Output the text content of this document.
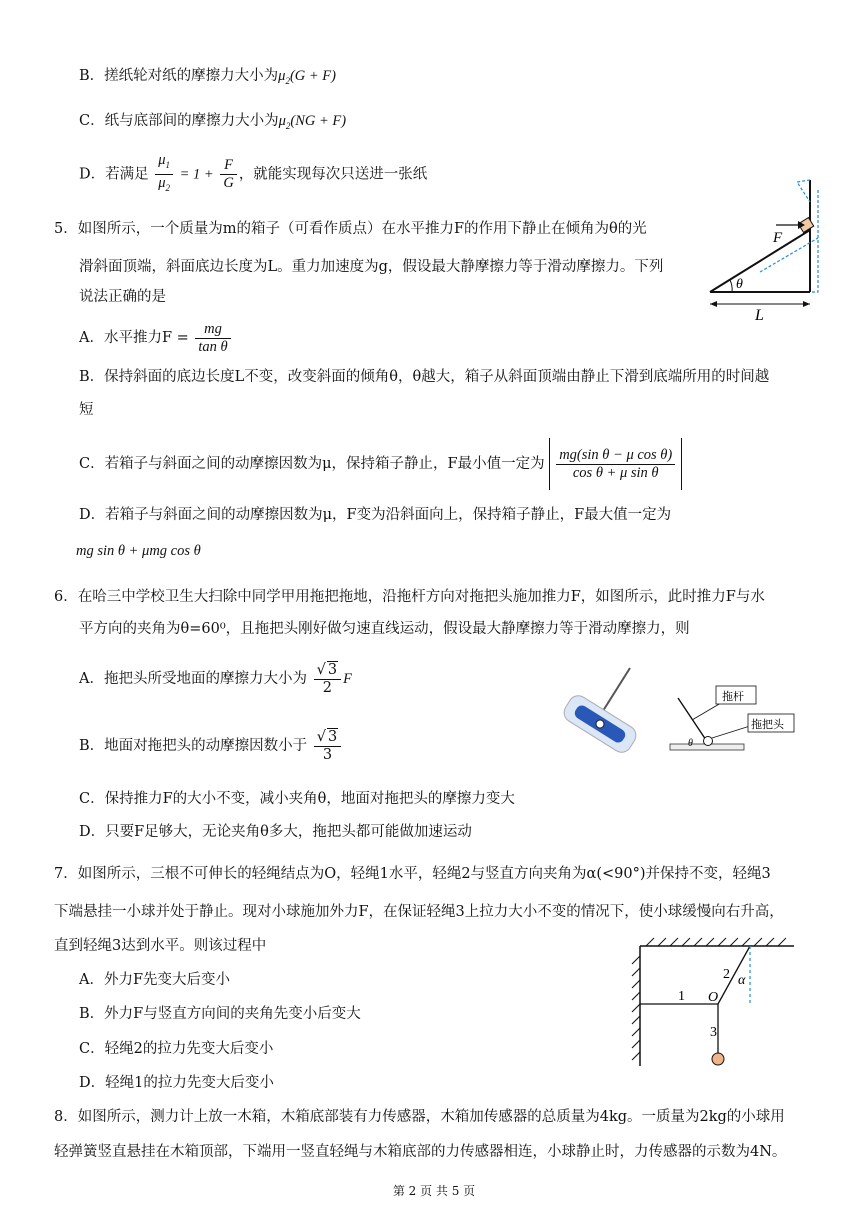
B．搓纸轮对纸的摩擦力大小为$\mu_2(G + F)$
C．纸与底部间的摩擦力大小为$\mu_2(NG + F)$
D．若满足 $\frac{\mu_1}{\mu_2} = 1 + \frac{F}{G}$ ，就能实现每次只送进一张纸
5．如图所示，一个质量为m的箱子（可看作质点）在水平推力F的作用下静止在倾角为θ的光
滑斜面顶端，斜面底边长度为L。重力加速度为g，假设最大静摩擦力等于滑动摩擦力。下列
说法正确的是
A．水平推力$F = \frac{mg}{\text{tan θ}}$
B．保持斜面的底边长度L不变，改变斜面的倾角θ，θ越大，箱子从斜面顶端由静止下滑到底端所用的时间越
短
C．若箱子与斜面之间的动摩擦因数为μ，保持箱子静止，F最小值一定为 $\frac{\text{mg(sin θ − μ cos θ)}}{\text{cos θ + μ sin θ}}$
D．若箱子与斜面之间的动摩擦因数为μ，F变为沿斜面向上，保持箱子静止，F最大值一定为
mg sin θ + μmg cos θ
F
θ
L
6．在哈三中学校卫生大扫除中同学甲用拖把拖地，沿拖杆方向对拖把头施加推力F，如图所示，此时推力F与水
平方向的夹角为θ=60⁰，且拖把头刚好做匀速直线运动，假设最大静摩擦力等于滑动摩擦力，则
A．拖把头所受地面的摩擦力大小为 $\frac{√ 3}{2}$ F
B．地面对拖把头的动摩擦因数小于 $\frac{√ 3}{3}$
C．保持推力F的大小不变，减小夹角θ，地面对拖把头的摩擦力变大
D．只要F足够大，无论夹角θ多大，拖把头都可能做加速运动
θ
拖杆
拖把头
7．如图所示，三根不可伸长的轻绳结点为O，轻绳1水平，轻绳2与竖直方向夹角为α(<90°)并保持不变，轻绳3
下端悬挂一小球并处于静止。现对小球施加外力F，在保证轻绳3上拉力大小不变的情况下，使小球缓慢向右升高，
直到轻绳3达到水平。则该过程中
A．外力F先变大后变小
B．外力F与竖直方向间的夹角先变小后变大
C．轻绳2的拉力先变大后变小
D．轻绳1的拉力先变大后变小
1
2
3
O
α
8．如图所示，测力计上放一木箱，木箱底部装有力传感器，木箱加传感器的总质量为4kg。一质量为2kg的小球用
轻弹簧竖直悬挂在木箱顶部，下端用一竖直轻绳与木箱底部的力传感器相连，小球静止时，力传感器的示数为4N。
第 2 页 共 5 页
